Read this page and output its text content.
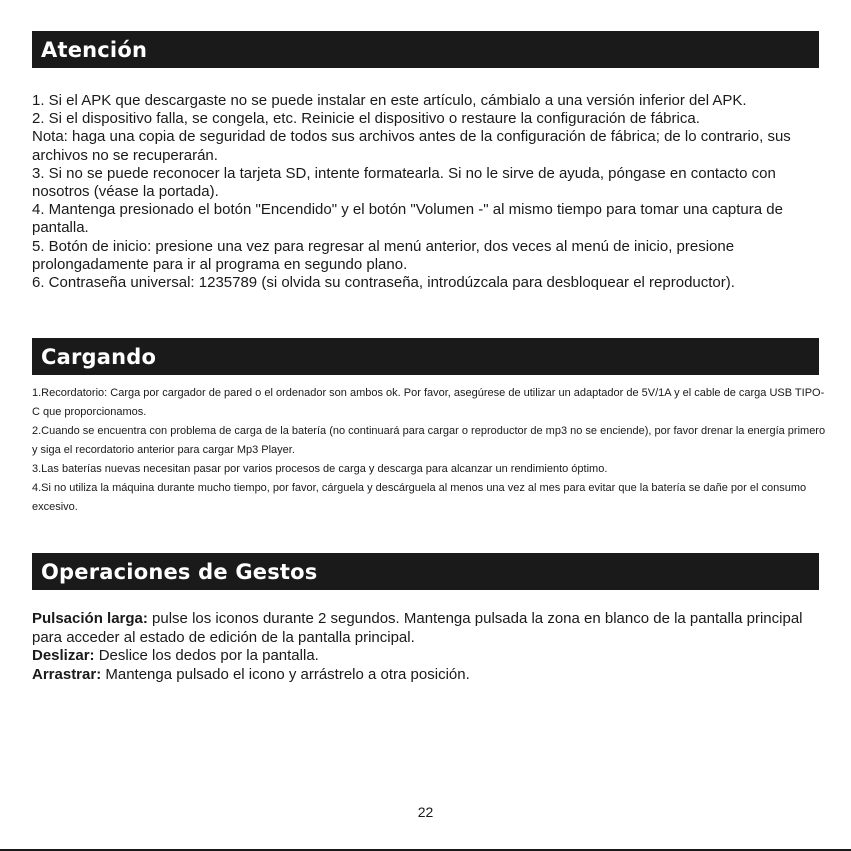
Atención

1. Si el APK que descargaste no se puede instalar en este artículo, cámbialo a una versión inferior del APK.

2. Si el dispositivo falla, se congela, etc. Reinicie el dispositivo o restaure la configuración de fábrica.

Nota: haga una copia de seguridad de todos sus archivos antes de la configuración de fábrica; de lo contrario, sus archivos no se recuperarán.

3. Si no se puede reconocer la tarjeta SD, intente formatearla. Si no le sirve de ayuda, póngase en contacto con nosotros (véase la portada).

4. Mantenga presionado el botón "Encendido" y el botón "Volumen -" al mismo tiempo para tomar una captura de pantalla.

5. Botón de inicio: presione una vez para regresar al menú anterior, dos veces al menú de inicio, presione prolongadamente para ir al programa en segundo plano.

6. Contraseña universal: 1235789 (si olvida su contraseña, introdúzcala para desbloquear el reproductor).

Cargando

1.Recordatorio: Carga por cargador de pared o el ordenador son ambos ok. Por favor, asegúrese de utilizar un adaptador de 5V/1A y el cable de carga USB TIPO-C que proporcionamos.

2.Cuando se encuentra con problema de carga de la batería (no continuará para cargar o reproductor de mp3 no se enciende), por favor drenar la energía primero y siga el recordatorio anterior para cargar Mp3 Player.

3.Las baterías nuevas necesitan pasar por varios procesos de carga y descarga para alcanzar un rendimiento óptimo.

4.Si no utiliza la máquina durante mucho tiempo, por favor, cárguela y descárguela al menos una vez al mes para evitar que la batería se dañe por el consumo excesivo.

Operaciones de Gestos

Pulsación larga: pulse los iconos durante 2 segundos. Mantenga pulsada la zona en blanco de la pantalla principal para acceder al estado de edición de la pantalla principal.

Deslizar: Deslice los dedos por la pantalla.

Arrastrar: Mantenga pulsado el icono y arrástrelo a otra posición.

22
